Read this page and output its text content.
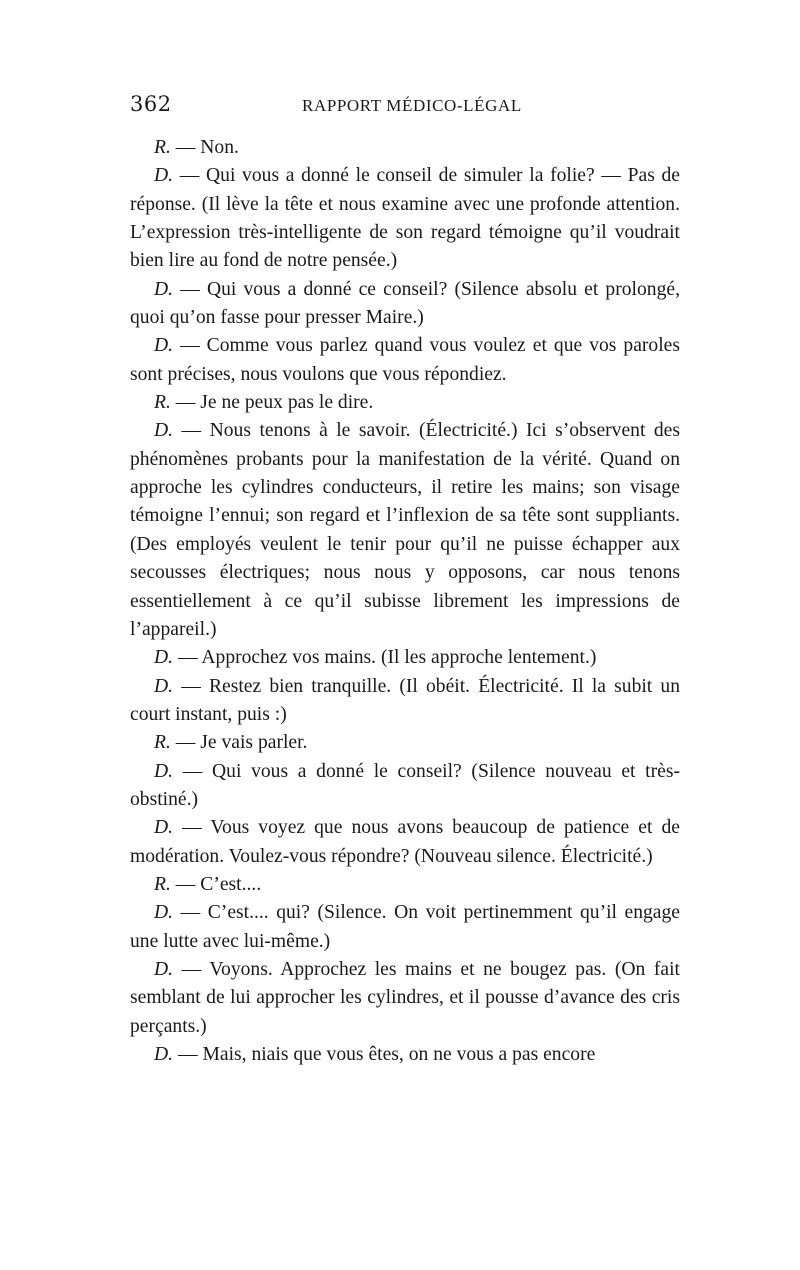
362	RAPPORT MÉDICO-LÉGAL

R. — Non.

D. — Qui vous a donné le conseil de simuler la folie? — Pas de réponse. (Il lève la tête et nous examine avec une profonde attention. L’expression très-intelligente de son regard témoigne qu’il voudrait bien lire au fond de notre pensée.)

D. — Qui vous a donné ce conseil? (Silence absolu et prolongé, quoi qu’on fasse pour presser Maire.)

D. — Comme vous parlez quand vous voulez et que vos paroles sont précises, nous voulons que vous répondiez.

R. — Je ne peux pas le dire.

D. — Nous tenons à le savoir. (Électricité.) Ici s’observent des phénomènes probants pour la manifestation de la vérité. Quand on approche les cylindres conducteurs, il retire les mains; son visage témoigne l’ennui; son regard et l’inflexion de sa tête sont suppliants. (Des employés veulent le tenir pour qu’il ne puisse échapper aux secousses électriques; nous nous y opposons, car nous tenons essentiellement à ce qu’il subisse librement les impressions de l’appareil.)

D. — Approchez vos mains. (Il les approche lentement.)

D. — Restez bien tranquille. (Il obéit. Électricité. Il la subit un court instant, puis :)

R. — Je vais parler.

D. — Qui vous a donné le conseil? (Silence nouveau et très-obstiné.)

D. — Vous voyez que nous avons beaucoup de patience et de modération. Voulez-vous répondre? (Nouveau silence. Électricité.)

R. — C’est....

D. — C’est.... qui? (Silence. On voit pertinemment qu’il engage une lutte avec lui-même.)

D. — Voyons. Approchez les mains et ne bougez pas. (On fait semblant de lui approcher les cylindres, et il pousse d’avance des cris perçants.)

D. — Mais, niais que vous êtes, on ne vous a pas encore
